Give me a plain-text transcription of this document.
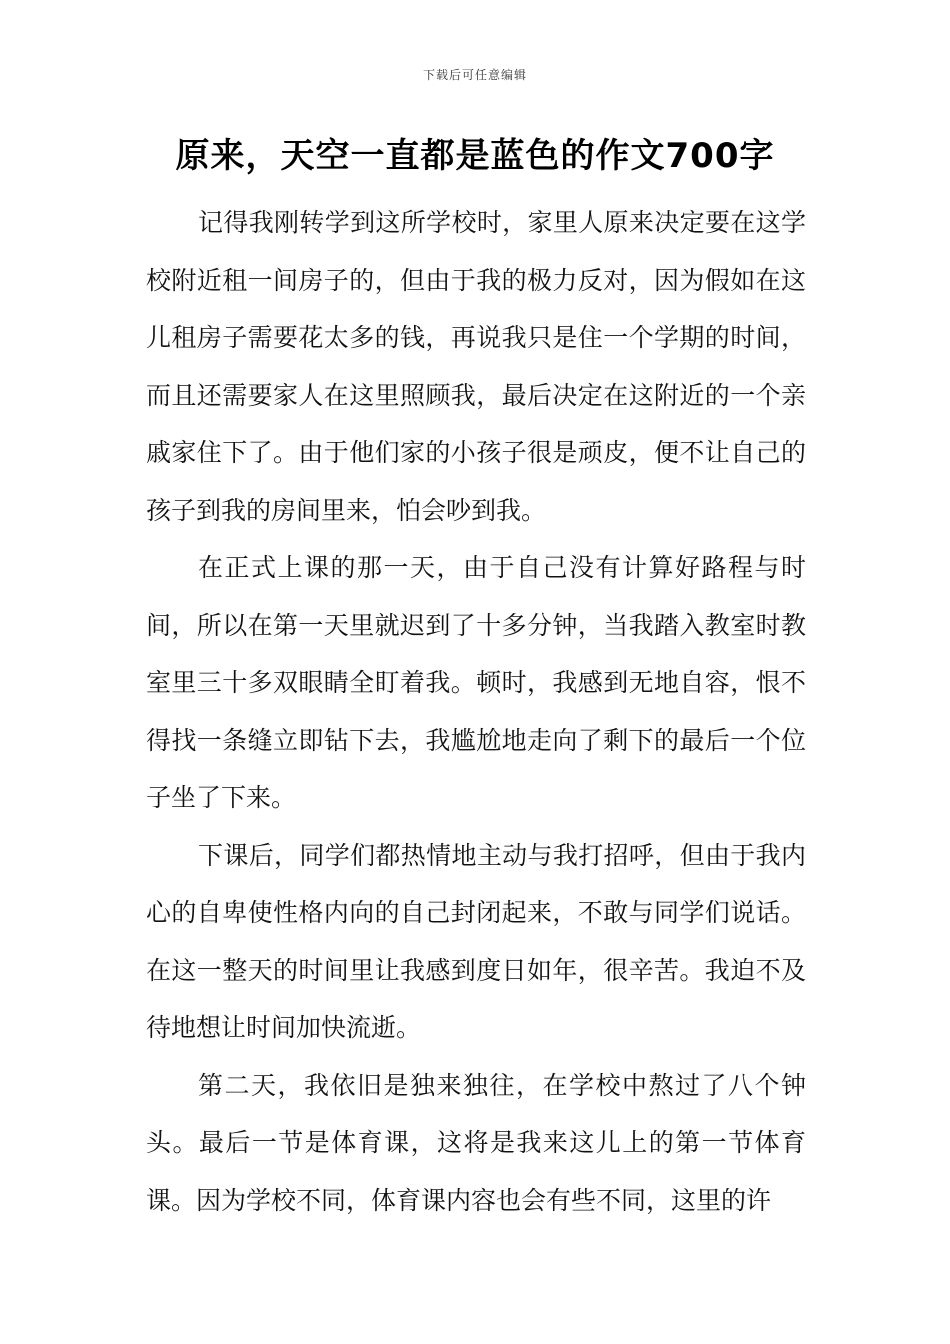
下载后可任意编辑
原来，天空一直都是蓝色的作文700字

记得我刚转学到这所学校时，家里人原来决定要在这学校附近租一间房子的，但由于我的极力反对，因为假如在这儿租房子需要花太多的钱，再说我只是住一个学期的时间，而且还需要家人在这里照顾我，最后决定在这附近的一个亲戚家住下了。由于他们家的小孩子很是顽皮，便不让自己的孩子到我的房间里来，怕会吵到我。

在正式上课的那一天，由于自己没有计算好路程与时间，所以在第一天里就迟到了十多分钟，当我踏入教室时教室里三十多双眼睛全盯着我。顿时，我感到无地自容，恨不得找一条缝立即钻下去，我尴尬地走向了剩下的最后一个位子坐了下来。

下课后，同学们都热情地主动与我打招呼，但由于我内心的自卑使性格内向的自己封闭起来，不敢与同学们说话。在这一整天的时间里让我感到度日如年，很辛苦。我迫不及待地想让时间加快流逝。

第二天，我依旧是独来独往，在学校中熬过了八个钟头。最后一节是体育课，这将是我来这儿上的第一节体育课。因为学校不同，体育课内容也会有些不同，这里的许
